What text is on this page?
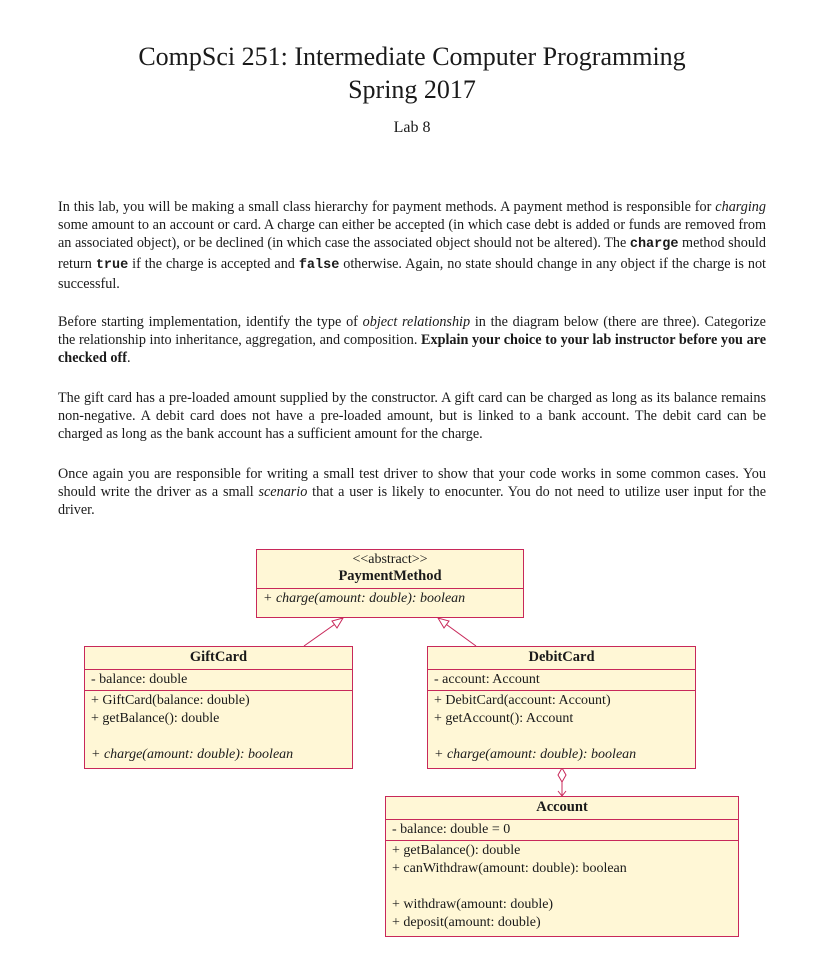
CompSci 251: Intermediate Computer Programming
Spring 2017
Lab 8
In this lab, you will be making a small class hierarchy for payment methods. A payment method is responsible for charging some amount to an account or card. A charge can either be accepted (in which case debt is added or funds are removed from an associated object), or be declined (in which case the associated object should not be altered). The charge method should return true if the charge is accepted and false otherwise. Again, no state should change in any object if the charge is not successful.
Before starting implementation, identify the type of object relationship in the diagram below (there are three). Categorize the relationship into inheritance, aggregation, and composition. Explain your choice to your lab instructor before you are checked off.
The gift card has a pre-loaded amount supplied by the constructor. A gift card can be charged as long as its balance remains non-negative. A debit card does not have a pre-loaded amount, but is linked to a bank account. The debit card can be charged as long as the bank account has a sufficient amount for the charge.
Once again you are responsible for writing a small test driver to show that your code works in some common cases. You should write the driver as a small scenario that a user is likely to enocunter. You do not need to utilize user input for the driver.
<<abstract>>
PaymentMethod
+ charge(amount: double): boolean
GiftCard
- balance: double
+ GiftCard(balance: double)
+ getBalance(): double
+ charge(amount: double): boolean
DebitCard
- account: Account
+ DebitCard(account: Account)
+ getAccount(): Account
+ charge(amount: double): boolean
Account
- balance: double = 0
+ getBalance(): double
+ canWithdraw(amount: double): boolean
+ withdraw(amount: double)
+ deposit(amount: double)
